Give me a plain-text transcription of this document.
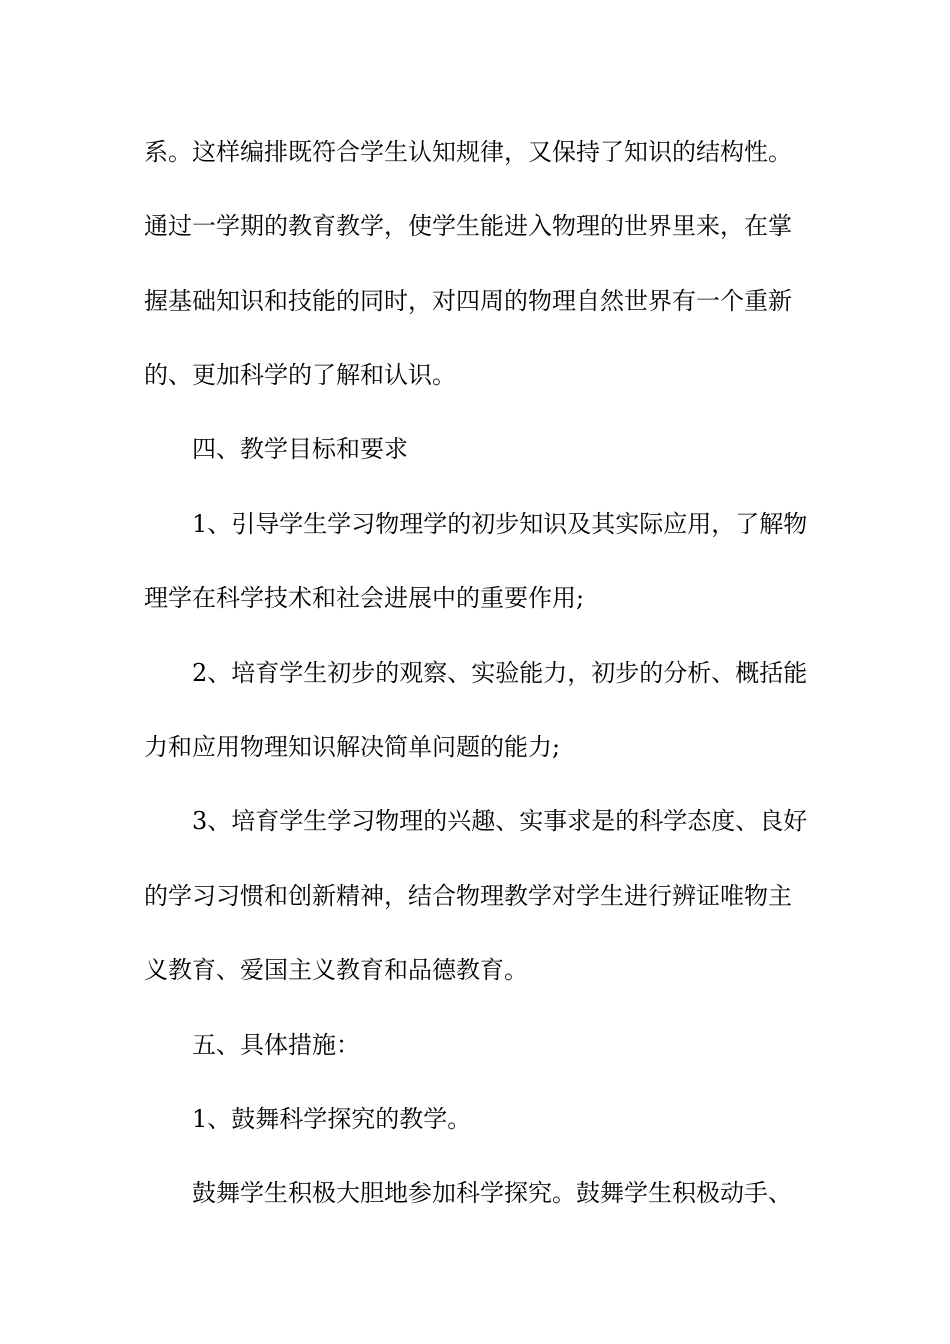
系。这样编排既符合学生认知规律，又保持了知识的结构性。
通过一学期的教育教学，使学生能进入物理的世界里来，在掌
握基础知识和技能的同时，对四周的物理自然世界有一个重新
的、更加科学的了解和认识。
四、教学目标和要求
1、引导学生学习物理学的初步知识及其实际应用，了解物
理学在科学技术和社会进展中的重要作用;
2、培育学生初步的观察、实验能力，初步的分析、概括能
力和应用物理知识解决简单问题的能力;
3、培育学生学习物理的兴趣、实事求是的科学态度、良好
的学习习惯和创新精神，结合物理教学对学生进行辨证唯物主
义教育、爱国主义教育和品德教育。
五、具体措施：
1、鼓舞科学探究的教学。
鼓舞学生积极大胆地参加科学探究。鼓舞学生积极动手、
